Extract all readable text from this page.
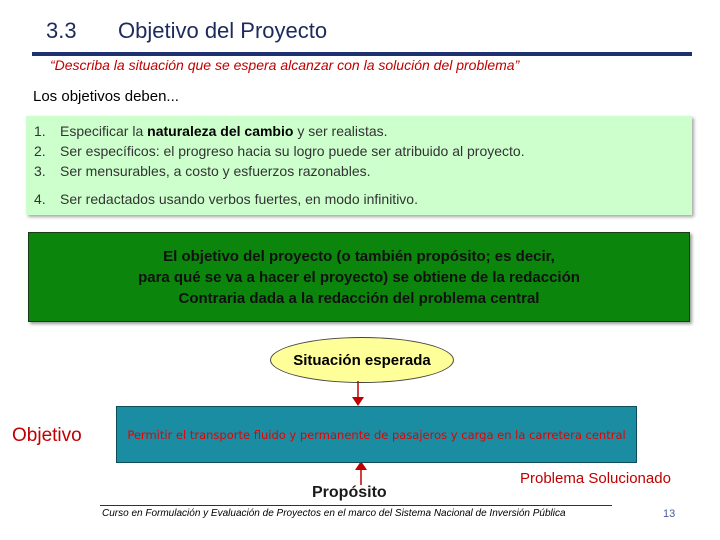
3.3 Objetivo del Proyecto
“Describa la situación que se espera alcanzar con la solución del problema”
Los objetivos deben...
1. Especificar la naturaleza del cambio y ser realistas.
2. Ser específicos: el progreso hacia su logro puede ser atribuido al proyecto.
3. Ser mensurables, a costo y esfuerzos razonables.
4. Ser redactados usando verbos fuertes, en modo infinitivo.
El objetivo del proyecto (o también propósito; es decir,
para qué se va a hacer el proyecto) se obtiene de la redacción
Contraria dada a la redacción del problema central
Situación esperada
Objetivo	Permitir el transporte fluido y permanente de pasajeros y carga en la carretera central
Propósito
Problema Solucionado
Curso en Formulación y Evaluación de Proyectos en el marco del Sistema Nacional de Inversión Pública	13
